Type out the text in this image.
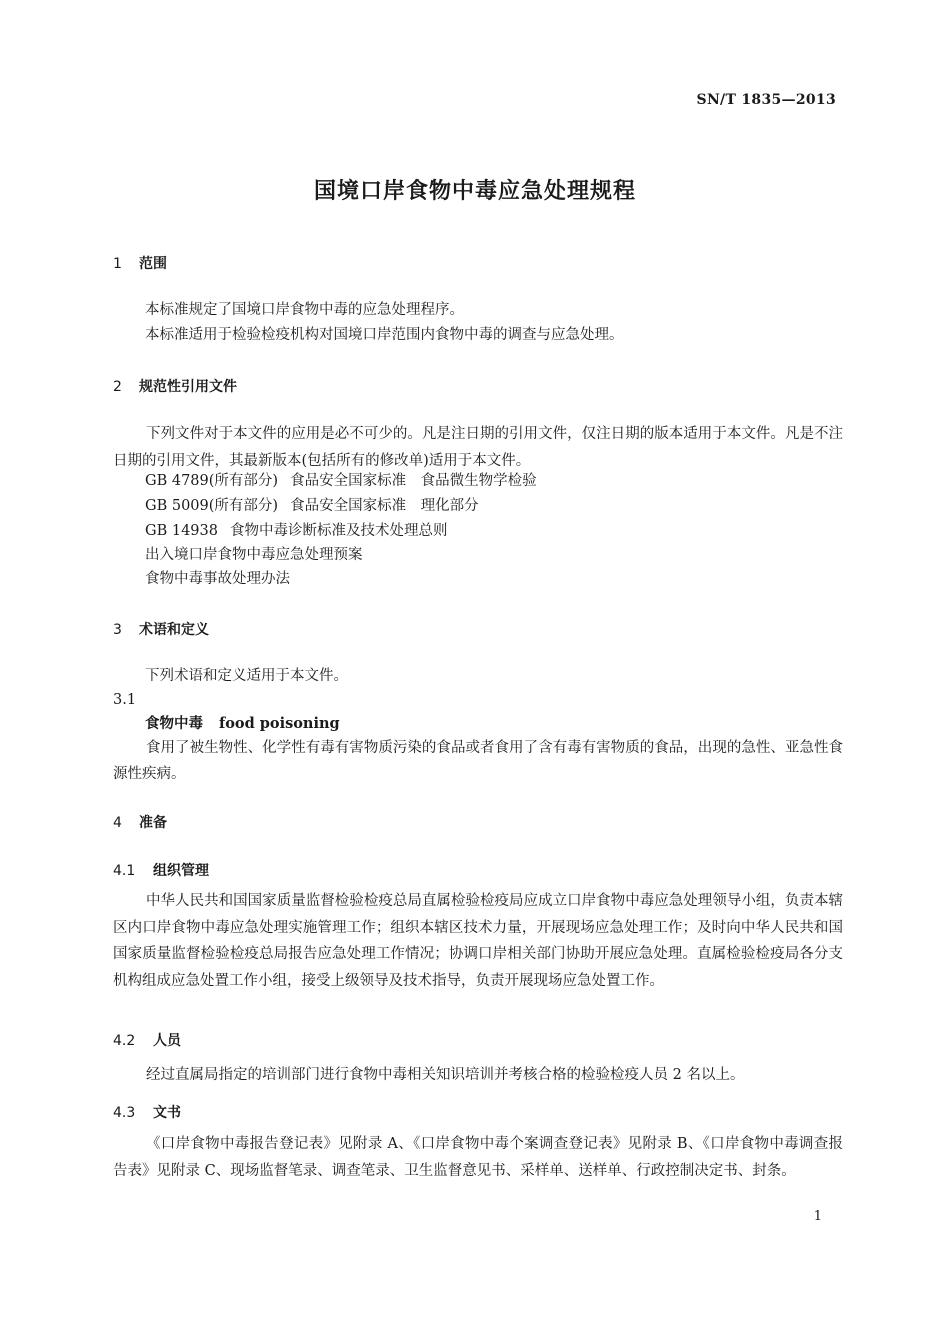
SN/T 1835—2013
国境口岸食物中毒应急处理规程
1 范围
本标准规定了国境口岸食物中毒的应急处理程序。
本标准适用于检验检疫机构对国境口岸范围内食物中毒的调查与应急处理。
2 规范性引用文件
下列文件对于本文件的应用是必不可少的。凡是注日期的引用文件，仅注日期的版本适用于本文件。凡是不注日期的引用文件，其最新版本(包括所有的修改单)适用于本文件。
GB 4789(所有部分) 食品安全国家标准　食品微生物学检验
GB 5009(所有部分) 食品安全国家标准　理化部分
GB 14938 食物中毒诊断标准及技术处理总则
出入境口岸食物中毒应急处理预案
食物中毒事故处理办法
3 术语和定义
下列术语和定义适用于本文件。
3.1
食物中毒 food poisoning
食用了被生物性、化学性有毒有害物质污染的食品或者食用了含有毒有害物质的食品，出现的急性、亚急性食源性疾病。
4 准备
4.1 组织管理
中华人民共和国国家质量监督检验检疫总局直属检验检疫局应成立口岸食物中毒应急处理领导小组，负责本辖区内口岸食物中毒应急处理实施管理工作；组织本辖区技术力量，开展现场应急处理工作；及时向中华人民共和国国家质量监督检验检疫总局报告应急处理工作情况；协调口岸相关部门协助开展应急处理。直属检验检疫局各分支机构组成应急处置工作小组，接受上级领导及技术指导，负责开展现场应急处置工作。
4.2 人员
经过直属局指定的培训部门进行食物中毒相关知识培训并考核合格的检验检疫人员 2 名以上。
4.3 文书
《口岸食物中毒报告登记表》见附录 A、《口岸食物中毒个案调查登记表》见附录 B、《口岸食物中毒调查报告表》见附录 C、现场监督笔录、调查笔录、卫生监督意见书、采样单、送样单、行政控制决定书、封条。
1
